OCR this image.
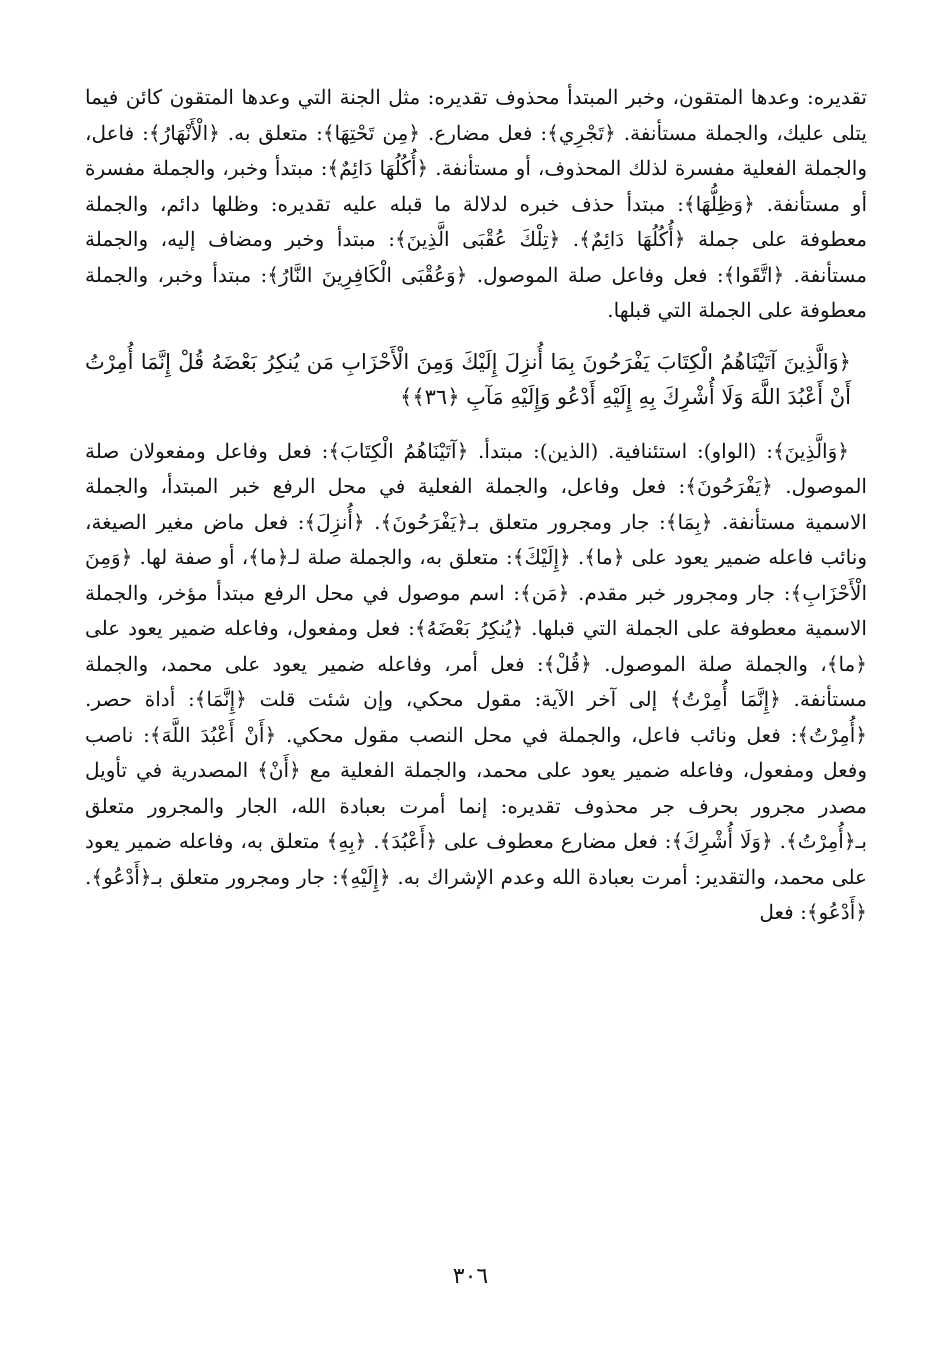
تقديره: وعدها المتقون، وخبر المبتدأ محذوف تقديره: مثل الجنة التي وعدها المتقون كائن فيما يتلى عليك، والجملة مستأنفة. ﴿تَجْرِي﴾: فعل مضارع. ﴿مِن تَحْتِهَا﴾: متعلق به. ﴿الْأَنْهَارُ﴾: فاعل، والجملة الفعلية مفسرة لذلك المحذوف، أو مستأنفة. ﴿أُكُلُهَا دَائِمٌ﴾: مبتدأ وخبر، والجملة مفسرة أو مستأنفة. ﴿وَظِلُّهَا﴾: مبتدأ حذف خبره لدلالة ما قبله عليه تقديره: وظلها دائم، والجملة معطوفة على جملة ﴿أُكُلُهَا دَائِمٌ﴾. ﴿تِلْكَ عُقْبَى الَّذِينَ﴾: مبتدأ وخبر ومضاف إليه، والجملة مستأنفة. ﴿اتَّقَوا﴾: فعل وفاعل صلة الموصول. ﴿وَعُقْبَى الْكَافِرِينَ النَّارُ﴾: مبتدأ وخبر، والجملة معطوفة على الجملة التي قبلها.

﴿وَالَّذِينَ آتَيْنَاهُمُ الْكِتَابَ يَفْرَحُونَ بِمَا أُنزِلَ إِلَيْكَ وَمِنَ الْأَحْزَابِ مَن يُنكِرُ بَعْضَهُ قُلْ إِنَّمَا أُمِرْتُ أَنْ أَعْبُدَ اللَّهَ وَلَا أُشْرِكَ بِهِ إِلَيْهِ أَدْعُو وَإِلَيْهِ مَآبِ ﴿٣٦﴾﴾

﴿وَالَّذِينَ﴾: (الواو): استئنافية. (الذين): مبتدأ. ﴿آتَيْنَاهُمُ الْكِتَابَ﴾: فعل وفاعل ومفعولان صلة الموصول. ﴿يَفْرَحُونَ﴾: فعل وفاعل، والجملة الفعلية في محل الرفع خبر المبتدأ، والجملة الاسمية مستأنفة. ﴿بِمَا﴾: جار ومجرور متعلق بـ﴿يَفْرَحُونَ﴾. ﴿أُنزِلَ﴾: فعل ماض مغير الصيغة، ونائب فاعله ضمير يعود على ﴿ما﴾. ﴿إِلَيْكَ﴾: متعلق به، والجملة صلة لـ﴿ما﴾، أو صفة لها. ﴿وَمِنَ الْأَحْزَابِ﴾: جار ومجرور خبر مقدم. ﴿مَن﴾: اسم موصول في محل الرفع مبتدأ مؤخر، والجملة الاسمية معطوفة على الجملة التي قبلها. ﴿يُنكِرُ بَعْضَهُ﴾: فعل ومفعول، وفاعله ضمير يعود على ﴿ما﴾، والجملة صلة الموصول. ﴿قُلْ﴾: فعل أمر، وفاعله ضمير يعود على محمد، والجملة مستأنفة. ﴿إِنَّمَا أُمِرْتُ﴾ إلى آخر الآية: مقول محكي، وإن شئت قلت ﴿إِنَّمَا﴾: أداة حصر. ﴿أُمِرْتُ﴾: فعل ونائب فاعل، والجملة في محل النصب مقول محكي. ﴿أَنْ أَعْبُدَ اللَّهَ﴾: ناصب وفعل ومفعول، وفاعله ضمير يعود على محمد، والجملة الفعلية مع ﴿أَنْ﴾ المصدرية في تأويل مصدر مجرور بحرف جر محذوف تقديره: إنما أمرت بعبادة الله، الجار والمجرور متعلق بـ﴿أُمِرْتُ﴾. ﴿وَلَا أُشْرِكَ﴾: فعل مضارع معطوف على ﴿أَعْبُدَ﴾. ﴿بِهِ﴾ متعلق به، وفاعله ضمير يعود على محمد، والتقدير: أمرت بعبادة الله وعدم الإشراك به. ﴿إِلَيْهِ﴾: جار ومجرور متعلق بـ﴿أَدْعُو﴾. ﴿أَدْعُو﴾: فعل

٣٠٦
